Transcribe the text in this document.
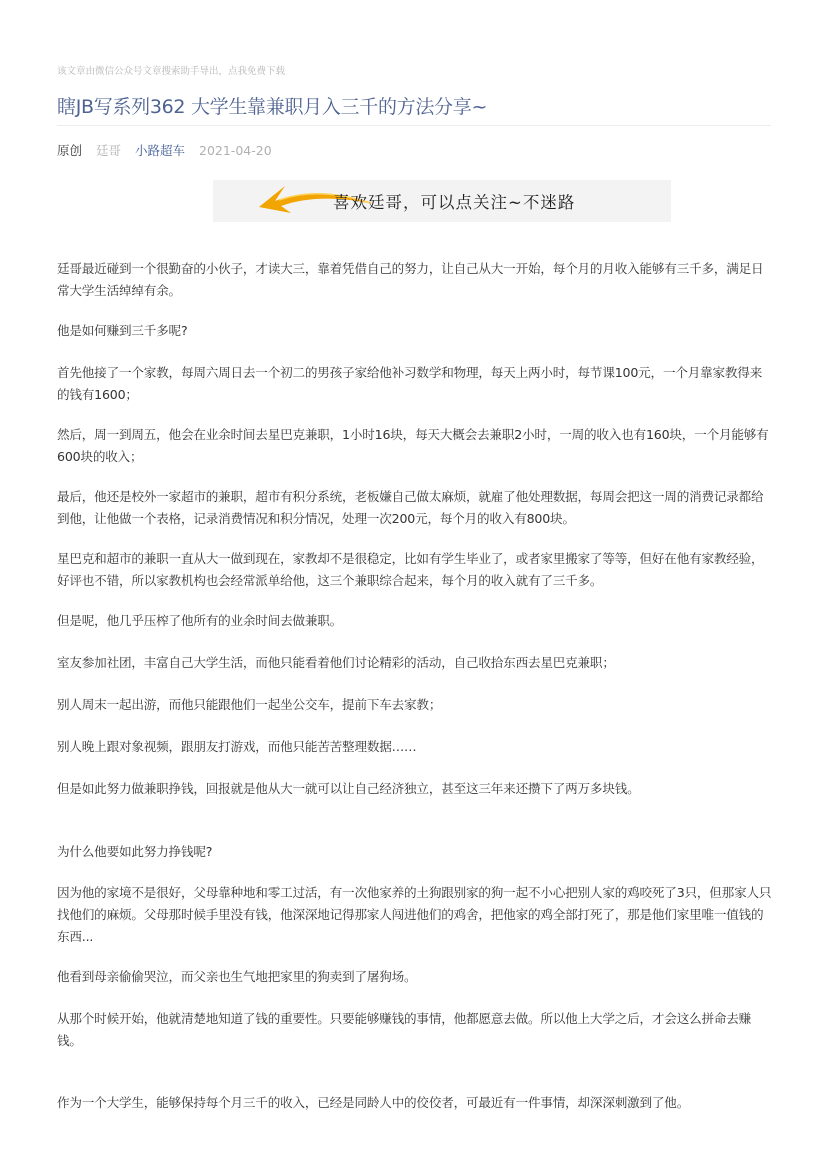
该文章由微信公众号文章搜索助手导出，点我免费下载
瞎JB写系列362 大学生靠兼职月入三千的方法分享~
原创 廷哥 小路超车 2021-04-20
喜欢廷哥，可以点关注~不迷路

廷哥最近碰到一个很勤奋的小伙子，才读大三，靠着凭借自己的努力，让自己从大一开始，每个月的月收入能够有三千多，满足日常大学生活绰绰有余。

他是如何赚到三千多呢?

首先他接了一个家教，每周六周日去一个初二的男孩子家给他补习数学和物理，每天上两小时，每节课100元，一个月靠家教得来的钱有1600；

然后，周一到周五，他会在业余时间去星巴克兼职，1小时16块，每天大概会去兼职2小时，一周的收入也有160块，一个月能够有600块的收入；

最后，他还是校外一家超市的兼职，超市有积分系统，老板嫌自己做太麻烦，就雇了他处理数据，每周会把这一周的消费记录都给到他，让他做一个表格，记录消费情况和积分情况，处理一次200元，每个月的收入有800块。

星巴克和超市的兼职一直从大一做到现在，家教却不是很稳定，比如有学生毕业了，或者家里搬家了等等，但好在他有家教经验，好评也不错，所以家教机构也会经常派单给他，这三个兼职综合起来，每个月的收入就有了三千多。

但是呢，他几乎压榨了他所有的业余时间去做兼职。

室友参加社团，丰富自己大学生活，而他只能看着他们讨论精彩的活动，自己收拾东西去星巴克兼职；

别人周末一起出游，而他只能跟他们一起坐公交车，提前下车去家教；

别人晚上跟对象视频，跟朋友打游戏，而他只能苦苦整理数据……

但是如此努力做兼职挣钱，回报就是他从大一就可以让自己经济独立，甚至这三年来还攒下了两万多块钱。

为什么他要如此努力挣钱呢?

因为他的家境不是很好，父母靠种地和零工过活，有一次他家养的土狗跟别家的狗一起不小心把别人家的鸡咬死了3只，但那家人只找他们的麻烦。父母那时候手里没有钱，他深深地记得那家人闯进他们的鸡舍，把他家的鸡全部打死了，那是他们家里唯一值钱的东西...

他看到母亲偷偷哭泣，而父亲也生气地把家里的狗卖到了屠狗场。

从那个时候开始，他就清楚地知道了钱的重要性。只要能够赚钱的事情，他都愿意去做。所以他上大学之后，才会这么拼命去赚钱。

作为一个大学生，能够保持每个月三千的收入，已经是同龄人中的佼佼者，可最近有一件事情，却深深刺激到了他。
